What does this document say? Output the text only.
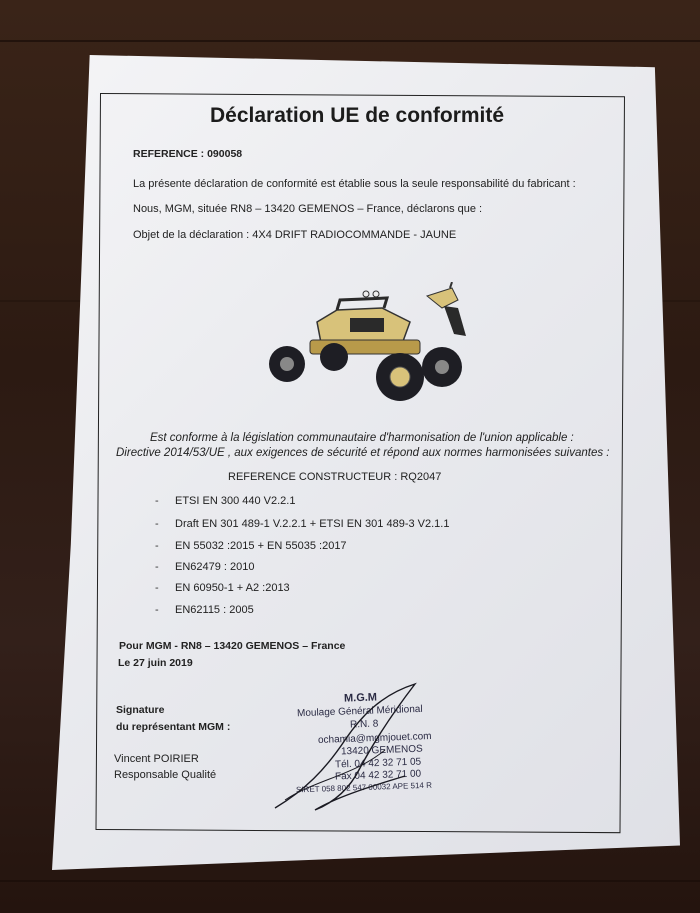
Déclaration UE de conformité
REFERENCE : 090058
La présente déclaration de conformité est établie sous la seule responsabilité du fabricant :
Nous, MGM, située RN8 – 13420 GEMENOS – France, déclarons que :
Objet de la déclaration : 4X4 DRIFT RADIOCOMMANDE - JAUNE
Est conforme à la législation communautaire d'harmonisation de l'union applicable :
Directive 2014/53/UE , aux exigences de sécurité et répond aux normes harmonisées suivantes :
REFERENCE CONSTRUCTEUR : RQ2047
- ETSI EN 300 440 V2.2.1
- Draft EN 301 489-1 V.2.2.1 + ETSI EN 301 489-3 V2.1.1
- EN 55032 :2015 + EN 55035 :2017
- EN62479 : 2010
- EN 60950-1 + A2 :2013
- EN62115 : 2005
Pour MGM - RN8 – 13420 GEMENOS – France
Le 27 juin 2019
Signature
du représentant MGM :
Vincent POIRIER
Responsable Qualité
M.G.M
Moulage Général Méridional
R.N. 8
ochamia@mgmjouet.com
13420 GEMENOS
Tél. 04 42 32 71 05
Fax 04 42 32 71 00
SIRET 058 802 547 00032 APE 514 R
